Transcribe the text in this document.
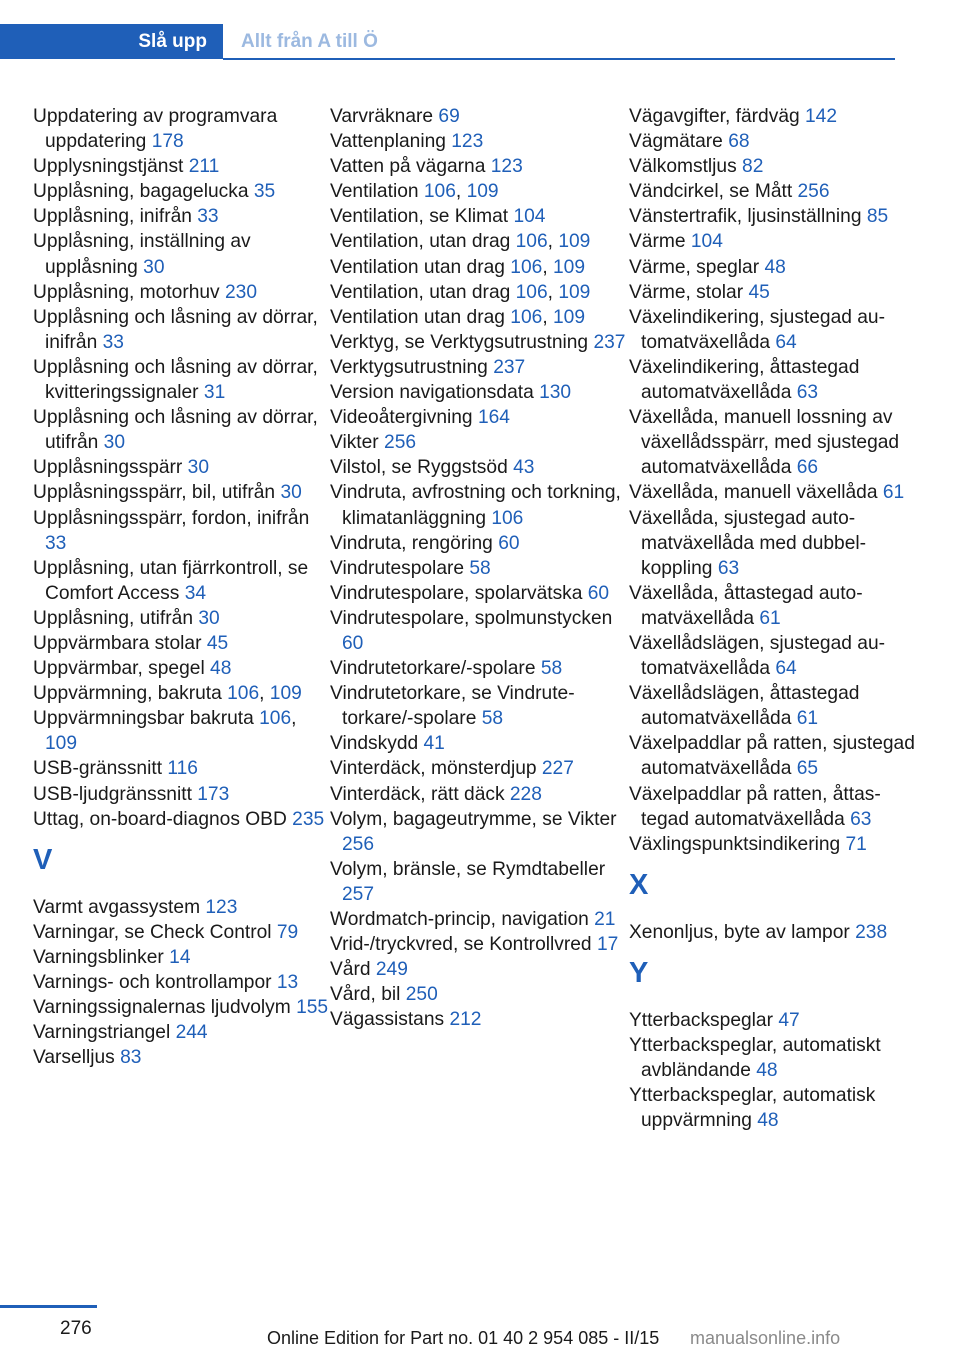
Slå upp	Allt från A till Ö
Uppdatering av programvara uppdatering 178
Upplysningstjänst 211
Upplåsning, bagagelucka 35
Upplåsning, inifrån 33
Upplåsning, inställning av upplåsning 30
Upplåsning, motorhuv 230
Upplåsning och låsning av dörrar, inifrån 33
Upplåsning och låsning av dörrar, kvitteringssignaler 31
Upplåsning och låsning av dörrar, utifrån 30
Upplåsningsspärr 30
Upplåsningsspärr, bil, utifrån 30
Upplåsningsspärr, fordon, inifrån 33
Upplåsning, utan fjärrkontroll, se Comfort Access 34
Upplåsning, utifrån 30
Uppvärmbara stolar 45
Uppvärmbar, spegel 48
Uppvärmning, bakruta 106, 109
Uppvärmningsbar bakruta 106, 109
USB-gränssnitt 116
USB-ljudgränssnitt 173
Uttag, on-board-diagnos OBD 235
V
Varmt avgassystem 123
Varningar, se Check Control 79
Varningsblinker 14
Varnings- och kontrollampor 13
Varningssignalernas ljudvolym 155
Varningstriangel 244
Varselljus 83
Varvräknare 69
Vattenplaning 123
Vatten på vägarna 123
Ventilation 106, 109
Ventilation, se Klimat 104
Ventilation, utan drag 106, 109
Ventilation utan drag 106, 109
Ventilation, utan drag 106, 109
Ventilation utan drag 106, 109
Verktyg, se Verktygsutrustning 237
Verktygsutrustning 237
Version navigationsdata 130
Videoåtergivning 164
Vikter 256
Vilstol, se Ryggstsöd 43
Vindruta, avfrostning och torkning, klimatanläggning 106
Vindruta, rengöring 60
Vindrutespolare 58
Vindrutespolare, spolarvätska 60
Vindrutespolare, spolmunstycken 60
Vindrutetorkare/-spolare 58
Vindrutetorkare, se Vindrutetorkare/-spolare 58
Vindskydd 41
Vinterdäck, mönsterdjup 227
Vinterdäck, rätt däck 228
Volym, bagageutrymme, se Vikter 256
Volym, bränsle, se Rymdtabeller 257
Wordmatch-princip, navigation 21
Vrid-/tryckvred, se Kontrollvred 17
Vård 249
Vård, bil 250
Vägassistans 212
Vägavgifter, färdväg 142
Vägmätare 68
Välkomstljus 82
Vändcirkel, se Mått 256
Vänstertrafik, ljusinställning 85
Värme 104
Värme, speglar 48
Värme, stolar 45
Växelindikering, sjustegad automatväxellåda 64
Växelindikering, åttastegad automatväxellåda 63
Växellåda, manuell lossning av växellådsspärr, med sjustegad automatväxellåda 66
Växellåda, manuell växellåda 61
Växellåda, sjustegad automatväxellåda med dubbelkoppling 63
Växellåda, åttastegad automatväxellåda 61
Växellådslägen, sjustegad automatväxellåda 64
Växellådslägen, åttastegad automatväxellåda 61
Växelpaddlar på ratten, sjustegad automatväxellåda 65
Växelpaddlar på ratten, åttastegad automatväxellåda 63
Växlingspunktsindikering 71
X
Xenonljus, byte av lampor 238
Y
Ytterbackspeglar 47
Ytterbackspeglar, automatiskt avbländande 48
Ytterbackspeglar, automatisk uppvärmning 48
276	Online Edition for Part no. 01 40 2 954 085 - II/15 manualsonline.info
